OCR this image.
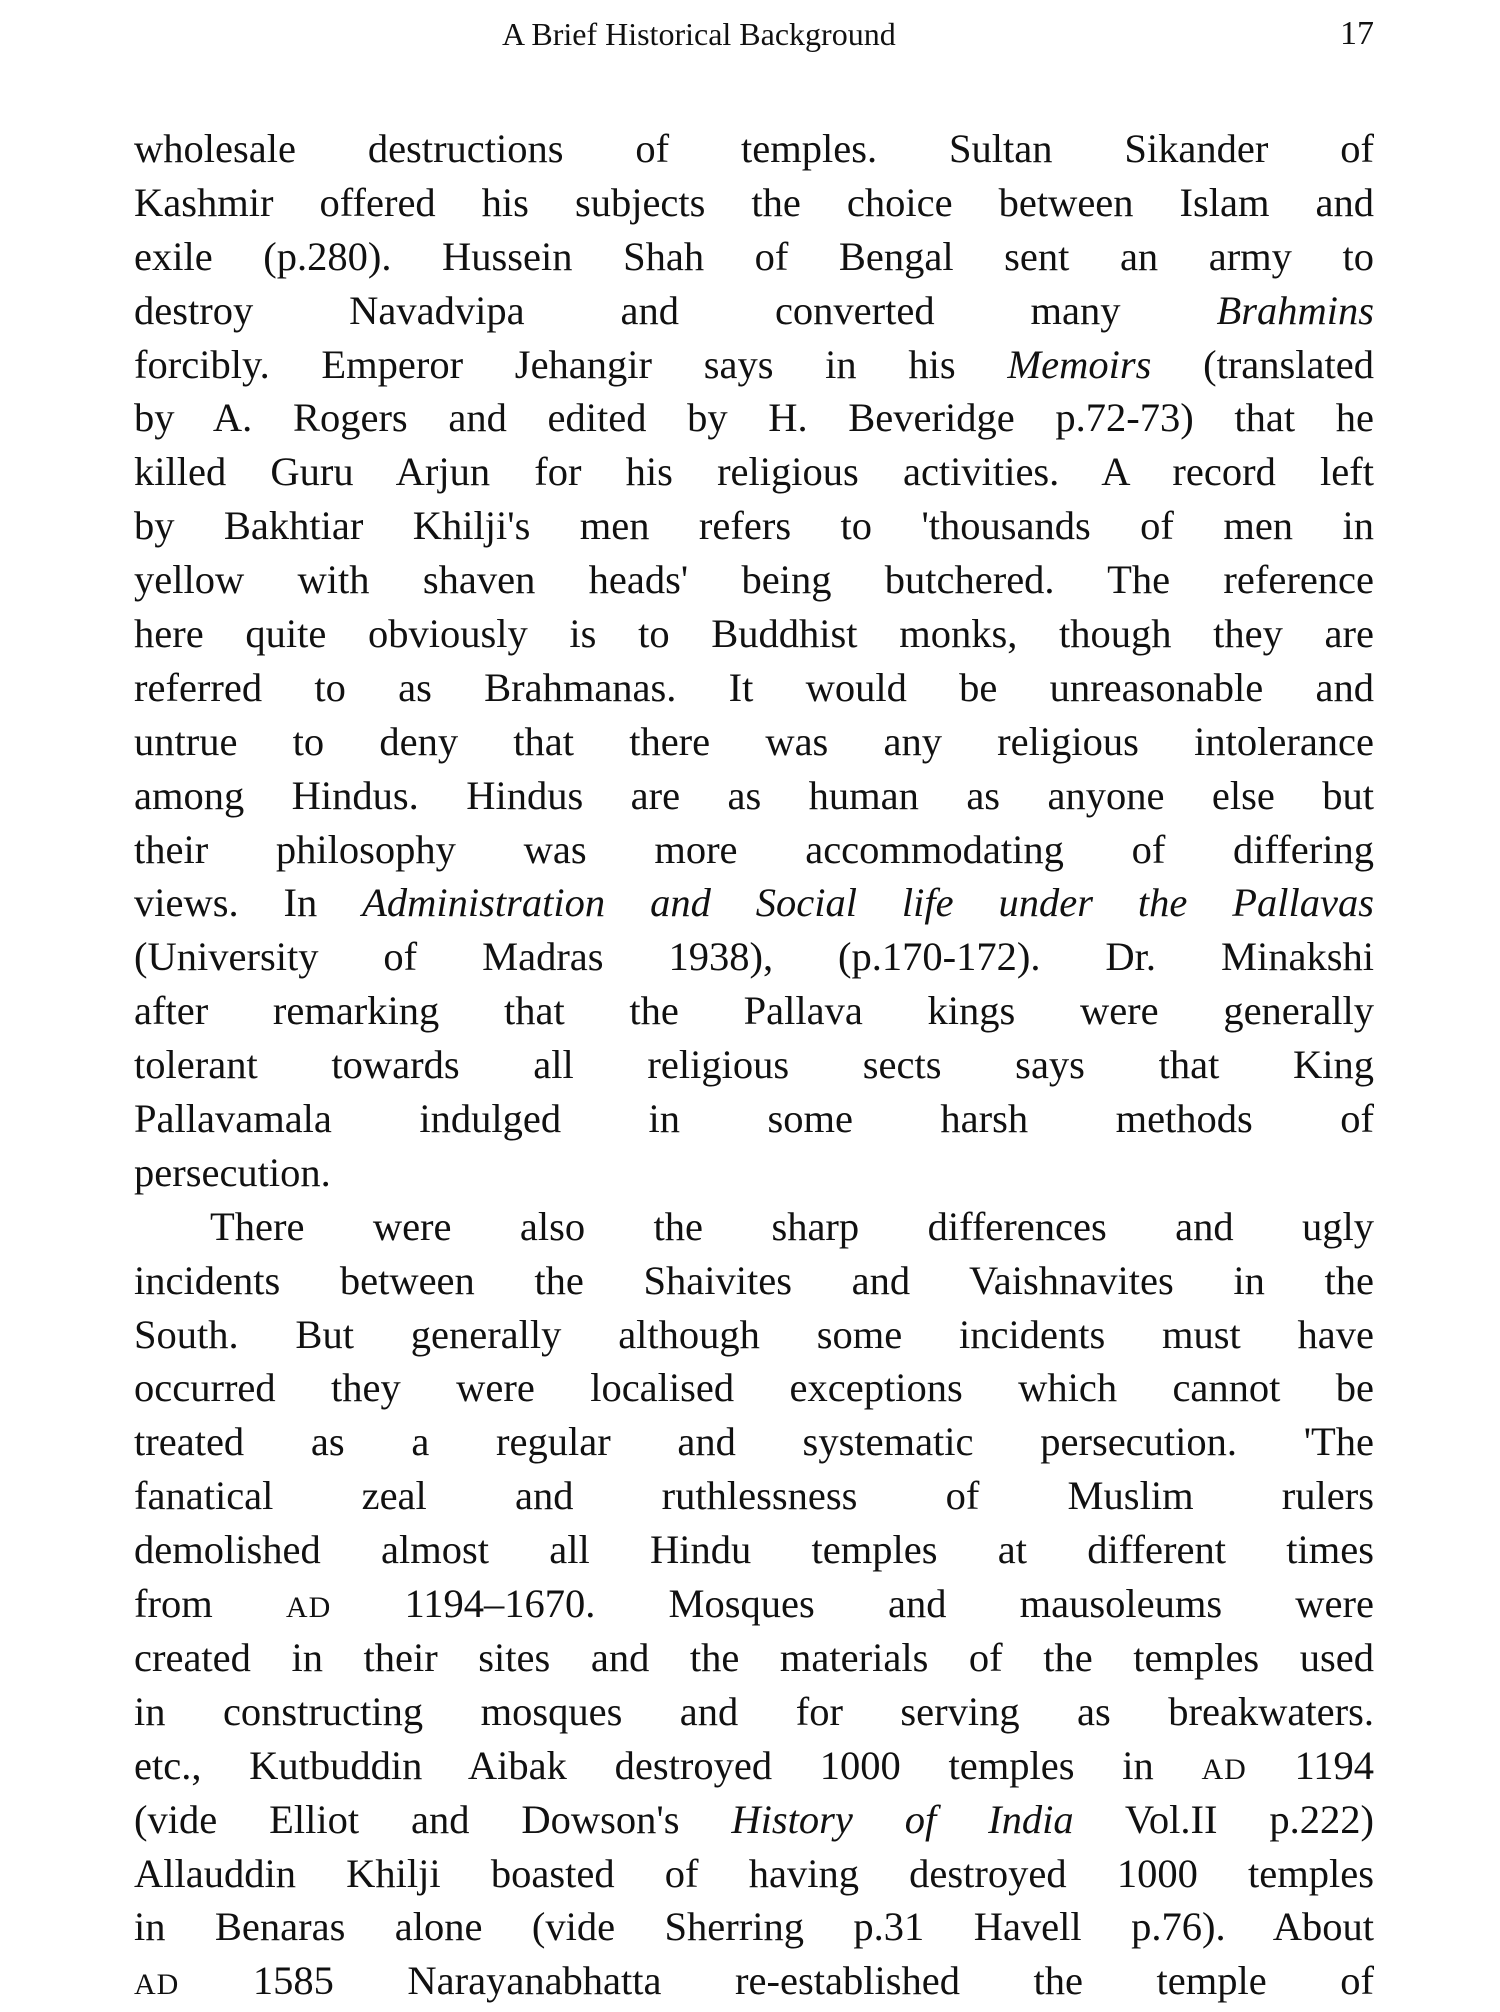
A Brief Historical Background	17
wholesale destructions of temples. Sultan Sikander of
Kashmir offered his subjects the choice between Islam and
exile (p.280). Hussein Shah of Bengal sent an army to
destroy Navadvipa and converted many Brahmins
forcibly. Emperor Jehangir says in his Memoirs (translated
by A. Rogers and edited by H. Beveridge p.72-73) that he
killed Guru Arjun for his religious activities. A record left
by Bakhtiar Khilji's men refers to 'thousands of men in
yellow with shaven heads' being butchered. The reference
here quite obviously is to Buddhist monks, though they are
referred to as Brahmanas. It would be unreasonable and
untrue to deny that there was any religious intolerance
among Hindus. Hindus are as human as anyone else but
their philosophy was more accommodating of differing
views. In Administration and Social life under the Pallavas
(University of Madras 1938), (p.170-172). Dr. Minakshi
after remarking that the Pallava kings were generally
tolerant towards all religious sects says that King
Pallavamala indulged in some harsh methods of
persecution.
There were also the sharp differences and ugly
incidents between the Shaivites and Vaishnavites in the
South. But generally although some incidents must have
occurred they were localised exceptions which cannot be
treated as a regular and systematic persecution. 'The
fanatical zeal and ruthlessness of Muslim rulers
demolished almost all Hindu temples at different times
from AD 1194–1670. Mosques and mausoleums were
created in their sites and the materials of the temples used
in constructing mosques and for serving as breakwaters.
etc., Kutbuddin Aibak destroyed 1000 temples in AD 1194
(vide Elliot and Dowson's History of India Vol.II p.222)
Allauddin Khilji boasted of having destroyed 1000 temples
in Benaras alone (vide Sherring p.31 Havell p.76). About
AD 1585 Narayanabhatta re-established the temple of
